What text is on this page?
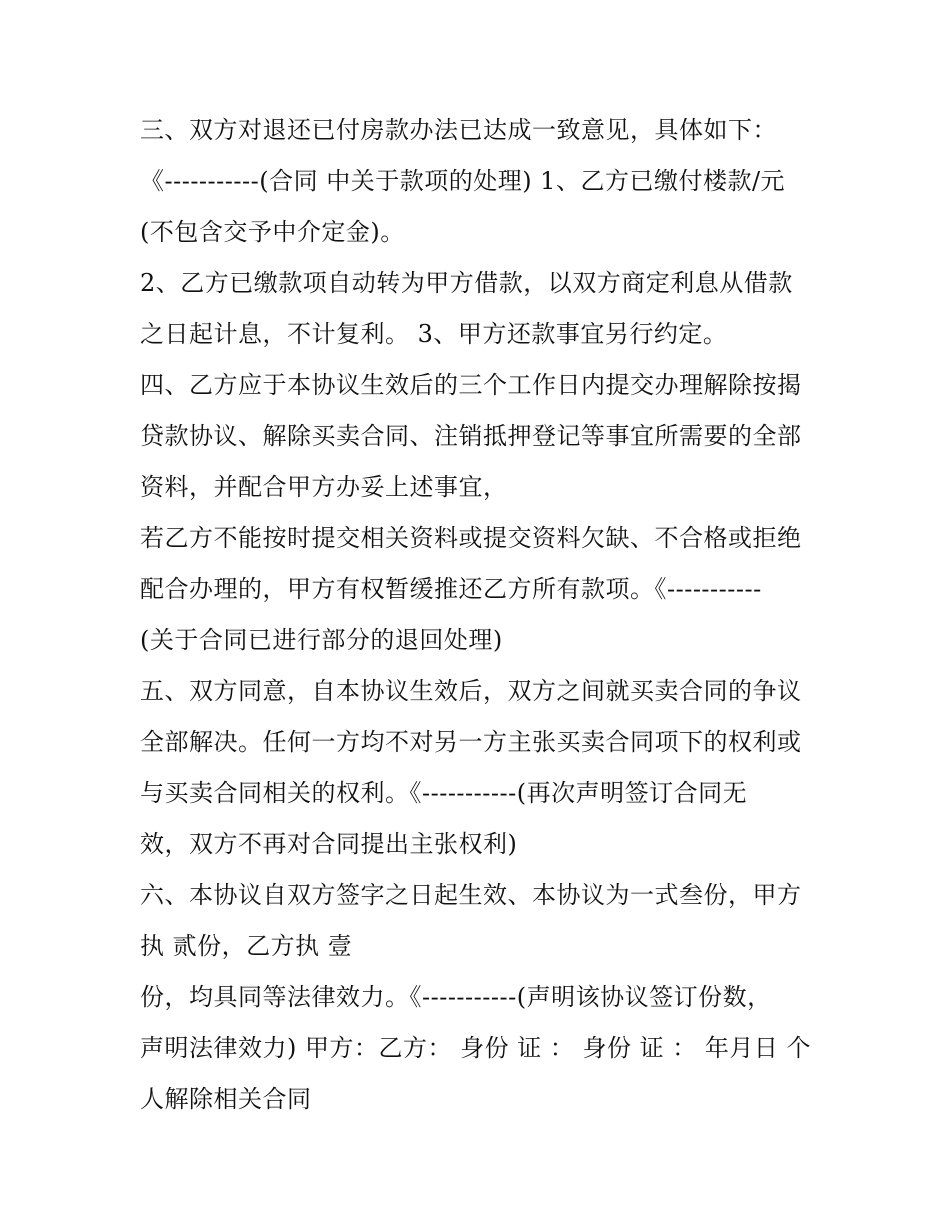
三、双方对退还已付房款办法已达成一致意见，具体如下：
《-----------(合同 中关于款项的处理) 1、乙方已缴付楼款/元
(不包含交予中介定金)。
2、乙方已缴款项自动转为甲方借款，以双方商定利息从借款
之日起计息，不计复利。 3、甲方还款事宜另行约定。
四、乙方应于本协议生效后的三个工作日内提交办理解除按揭
贷款协议、解除买卖合同、注销抵押登记等事宜所需要的全部
资料，并配合甲方办妥上述事宜，
若乙方不能按时提交相关资料或提交资料欠缺、不合格或拒绝
配合办理的，甲方有权暂缓推还乙方所有款项。《-----------
(关于合同已进行部分的退回处理)
五、双方同意，自本协议生效后，双方之间就买卖合同的争议
全部解决。任何一方均不对另一方主张买卖合同项下的权利或
与买卖合同相关的权利。《-----------(再次声明签订合同无
效，双方不再对合同提出主张权利)
六、本协议自双方签字之日起生效、本协议为一式叁份，甲方
执 贰份，乙方执 壹
份，均具同等法律效力。《-----------(声明该协议签订份数，
声明法律效力) 甲方：乙方： 身份 证 ： 身份 证 ： 年月日 个
人解除相关合同
